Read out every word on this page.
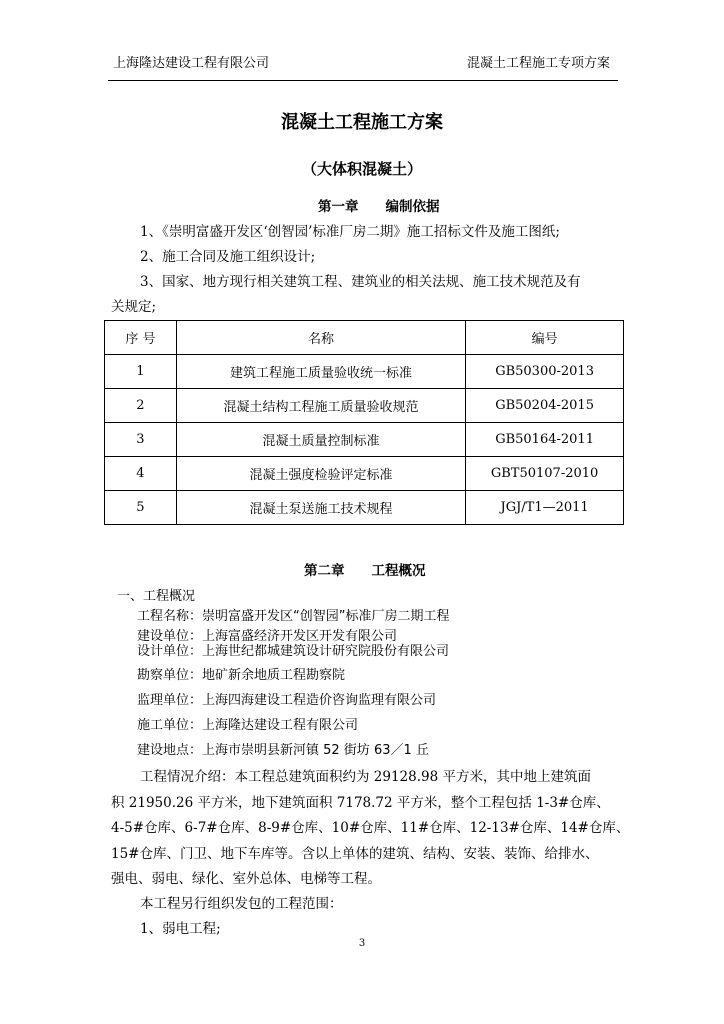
上海隆达建设工程有限公司	混凝土工程施工专项方案
混凝土工程施工方案
（大体积混凝土）
第一章　　编制依据
1、《崇明富盛开发区‘创智园’标准厂房二期》施工招标文件及施工图纸;
2、施工合同及施工组织设计;
3、国家、地方现行相关建筑工程、建筑业的相关法规、施工技术规范及有
关规定;
序 号	名称	编号
1	建筑工程施工质量验收统一标准	GB50300-2013
2	混凝土结构工程施工质量验收规范	GB50204-2015
3	混凝土质量控制标准	GB50164-2011
4	混凝土强度检验评定标准	GBT50107-2010
5	混凝土泵送施工技术规程	JGJ/T1—2011
第二章　　工程概况
一、工程概况
工程名称：崇明富盛开发区“创智园”标准厂房二期工程
建设单位：上海富盛经济开发区开发有限公司
设计单位：上海世纪都城建筑设计研究院股份有限公司
勘察单位：地矿新余地质工程勘察院
监理单位：上海四海建设工程造价咨询监理有限公司
施工单位：上海隆达建设工程有限公司
建设地点：上海市崇明县新河镇 52 街坊 63／1 丘
工程情况介绍：本工程总建筑面积约为 29128.98 平方米，其中地上建筑面
积 21950.26 平方米，地下建筑面积 7178.72 平方米，整个工程包括 1-3#仓库、
4-5#仓库、6-7#仓库、8-9#仓库、10#仓库、11#仓库、12-13#仓库、14#仓库、
15#仓库、门卫、地下车库等。含以上单体的建筑、结构、安装、装饰、给排水、
强电、弱电、绿化、室外总体、电梯等工程。
本工程另行组织发包的工程范围：
1、弱电工程;
3
